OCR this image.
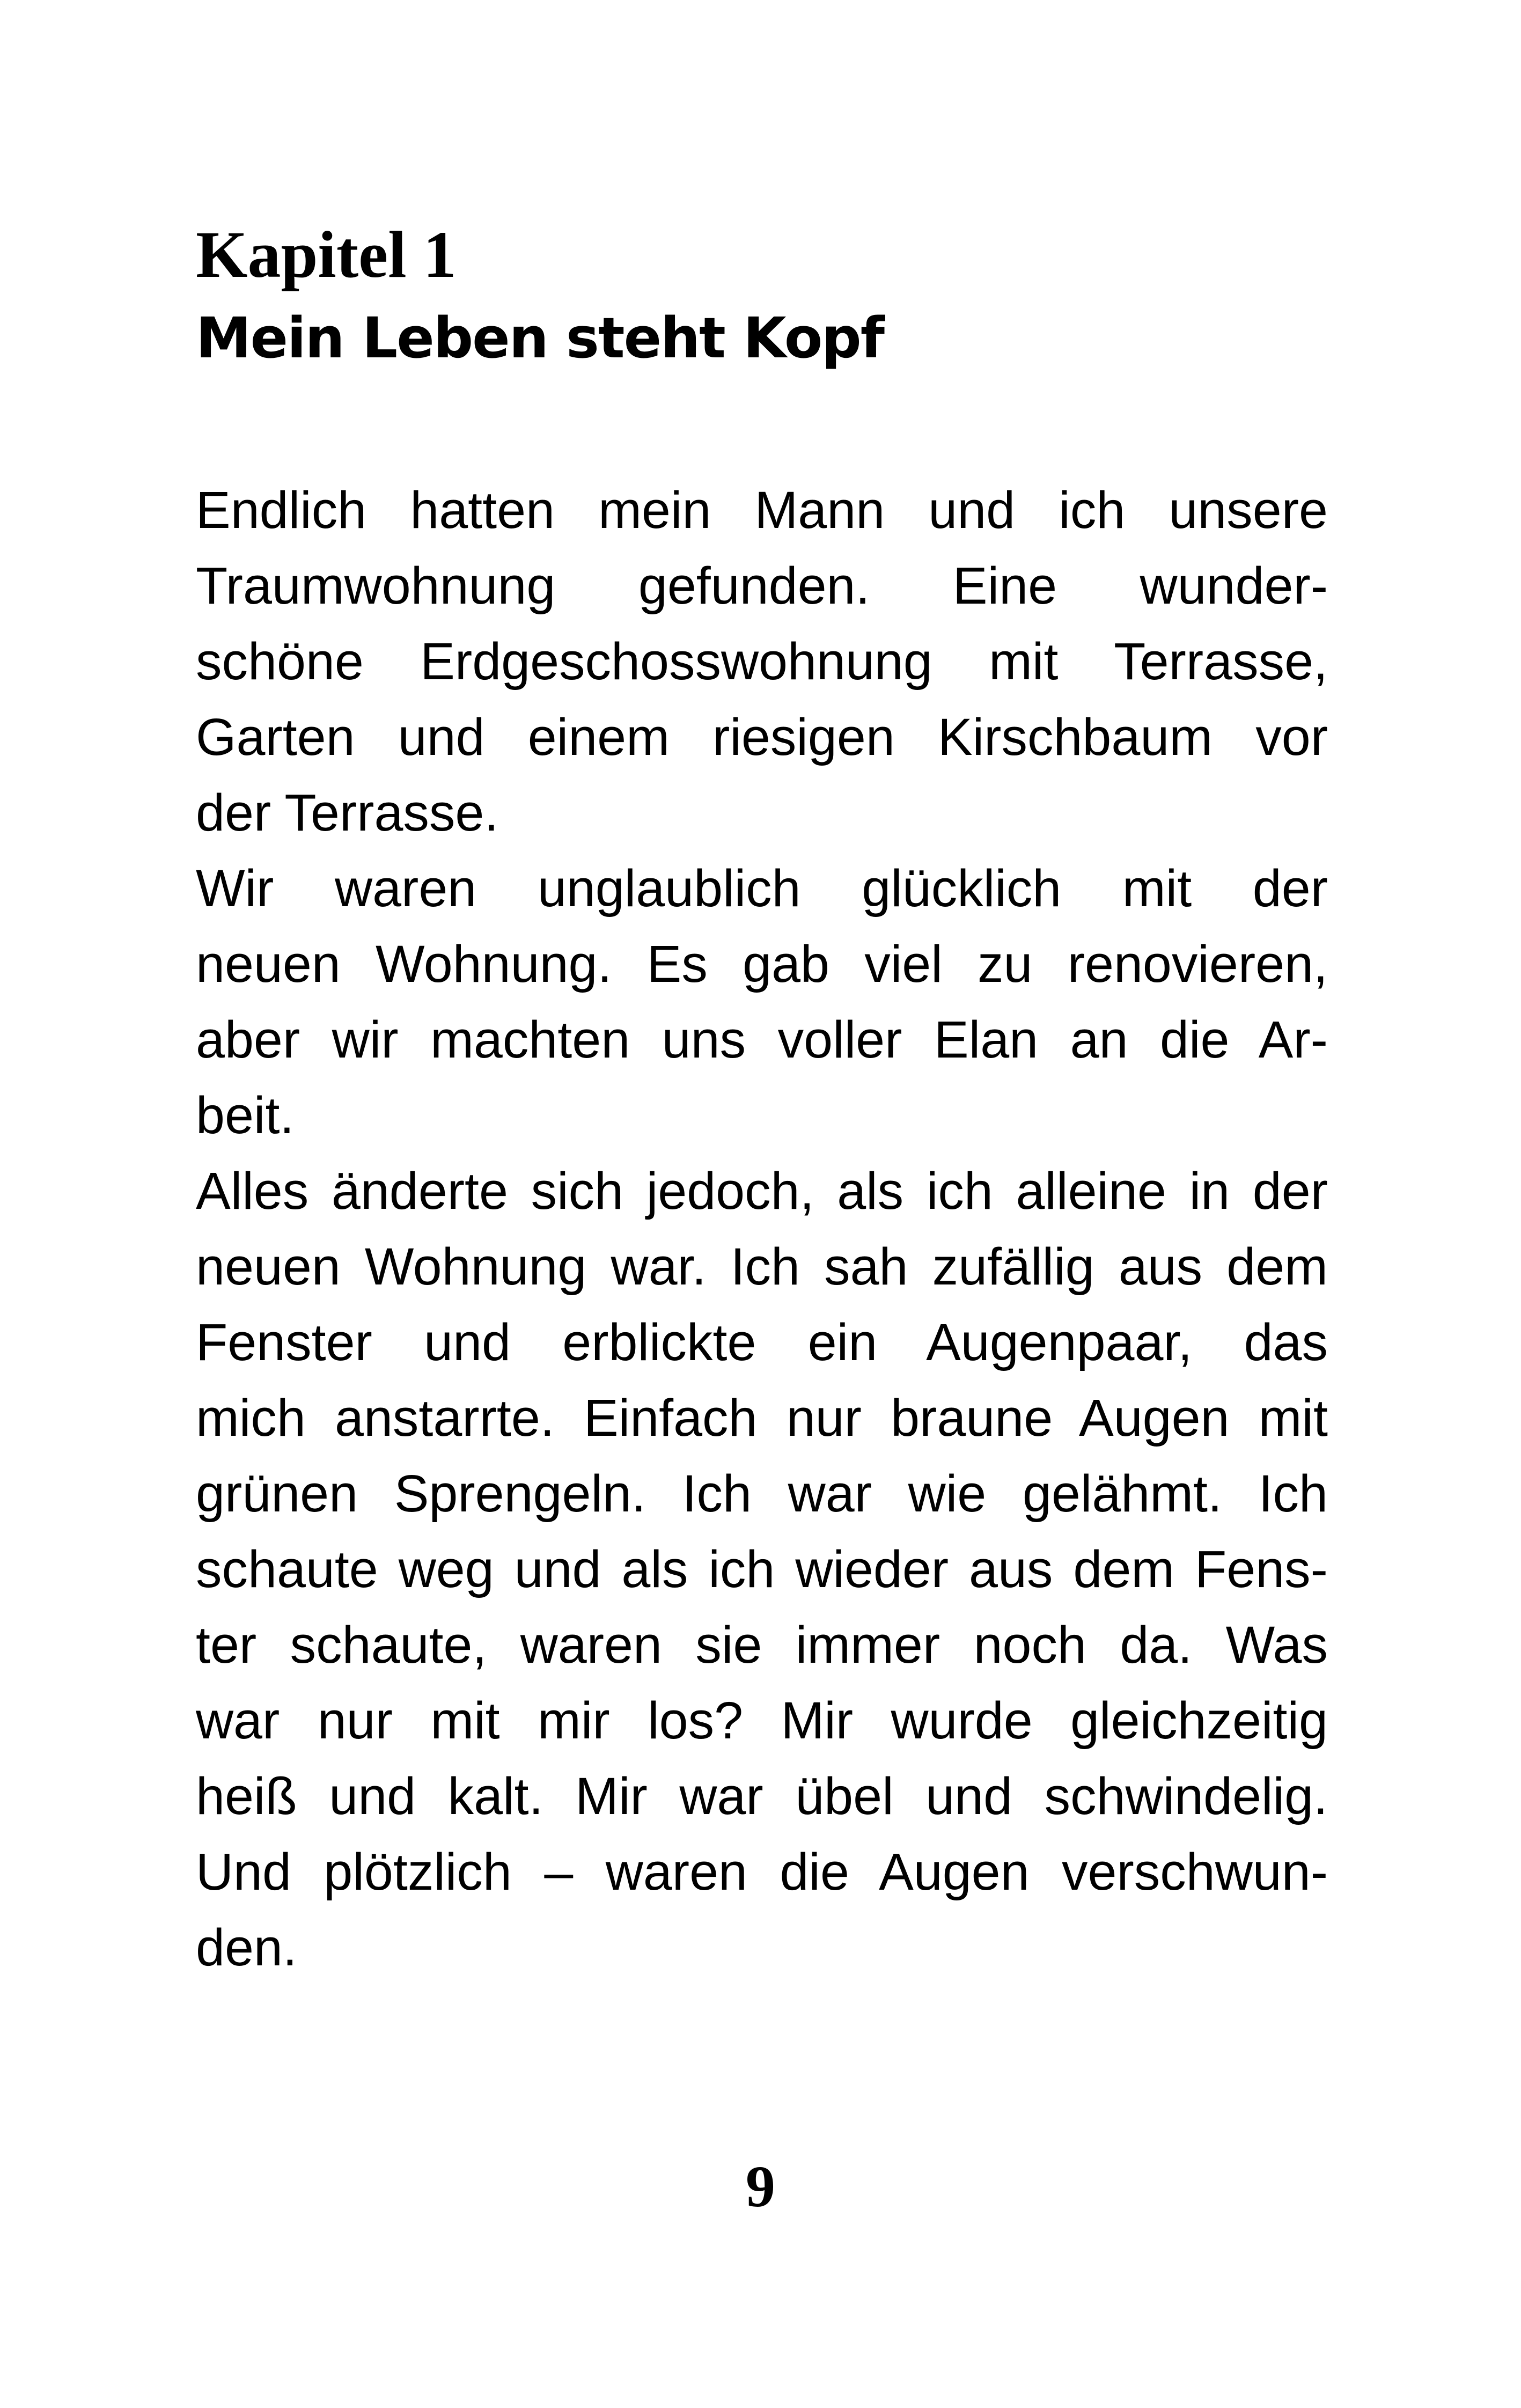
Kapitel 1
Mein Leben steht Kopf
Endlich hatten mein Mann und ich unsere
Traumwohnung gefunden. Eine wunder-
schöne Erdgeschosswohnung mit Terrasse,
Garten und einem riesigen Kirschbaum vor
der Terrasse.
Wir waren unglaublich glücklich mit der
neuen Wohnung. Es gab viel zu renovieren,
aber wir machten uns voller Elan an die Ar-
beit.
Alles änderte sich jedoch, als ich alleine in der
neuen Wohnung war. Ich sah zufällig aus dem
Fenster und erblickte ein Augenpaar, das
mich anstarrte. Einfach nur braune Augen mit
grünen Sprengeln. Ich war wie gelähmt. Ich
schaute weg und als ich wieder aus dem Fens-
ter schaute, waren sie immer noch da. Was
war nur mit mir los? Mir wurde gleichzeitig
heiß und kalt. Mir war übel und schwindelig.
Und plötzlich – waren die Augen verschwun-
den.
9
